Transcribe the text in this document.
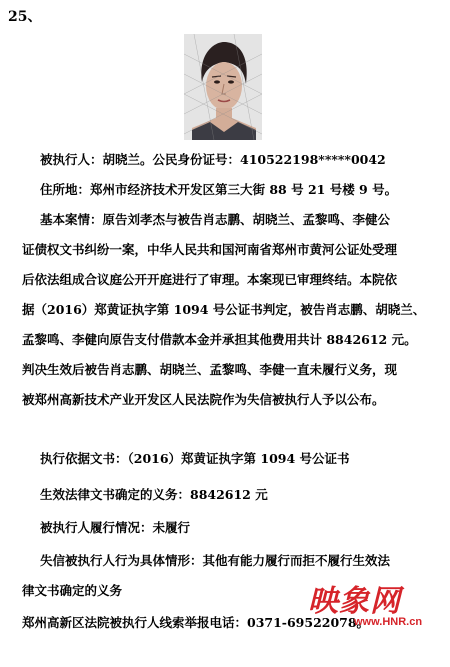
25、
被执行人：胡晓兰。公民身份证号：410522198*****0042
住所地：郑州市经济技术开发区第三大街 88 号 21 号楼 9 号。
基本案情：原告刘孝杰与被告肖志鹏、胡晓兰、孟黎鸣、李健公
证债权文书纠纷一案，中华人民共和国河南省郑州市黄河公证处受理
后依法组成合议庭公开开庭进行了审理。本案现已审理终结。本院依
据（2016）郑黄证执字第 1094 号公证书判定，被告肖志鹏、胡晓兰、
孟黎鸣、李健向原告支付借款本金并承担其他费用共计 8842612 元。
判决生效后被告肖志鹏、胡晓兰、孟黎鸣、李健一直未履行义务，现
被郑州高新技术产业开发区人民法院作为失信被执行人予以公布。
执行依据文书：（2016）郑黄证执字第 1094 号公证书
生效法律文书确定的义务：8842612 元
被执行人履行情况：未履行
失信被执行人行为具体情形：其他有能力履行而拒不履行生效法
律文书确定的义务
郑州高新区法院被执行人线索举报电话：0371-69522078。
映象网
www.HNR.cn
